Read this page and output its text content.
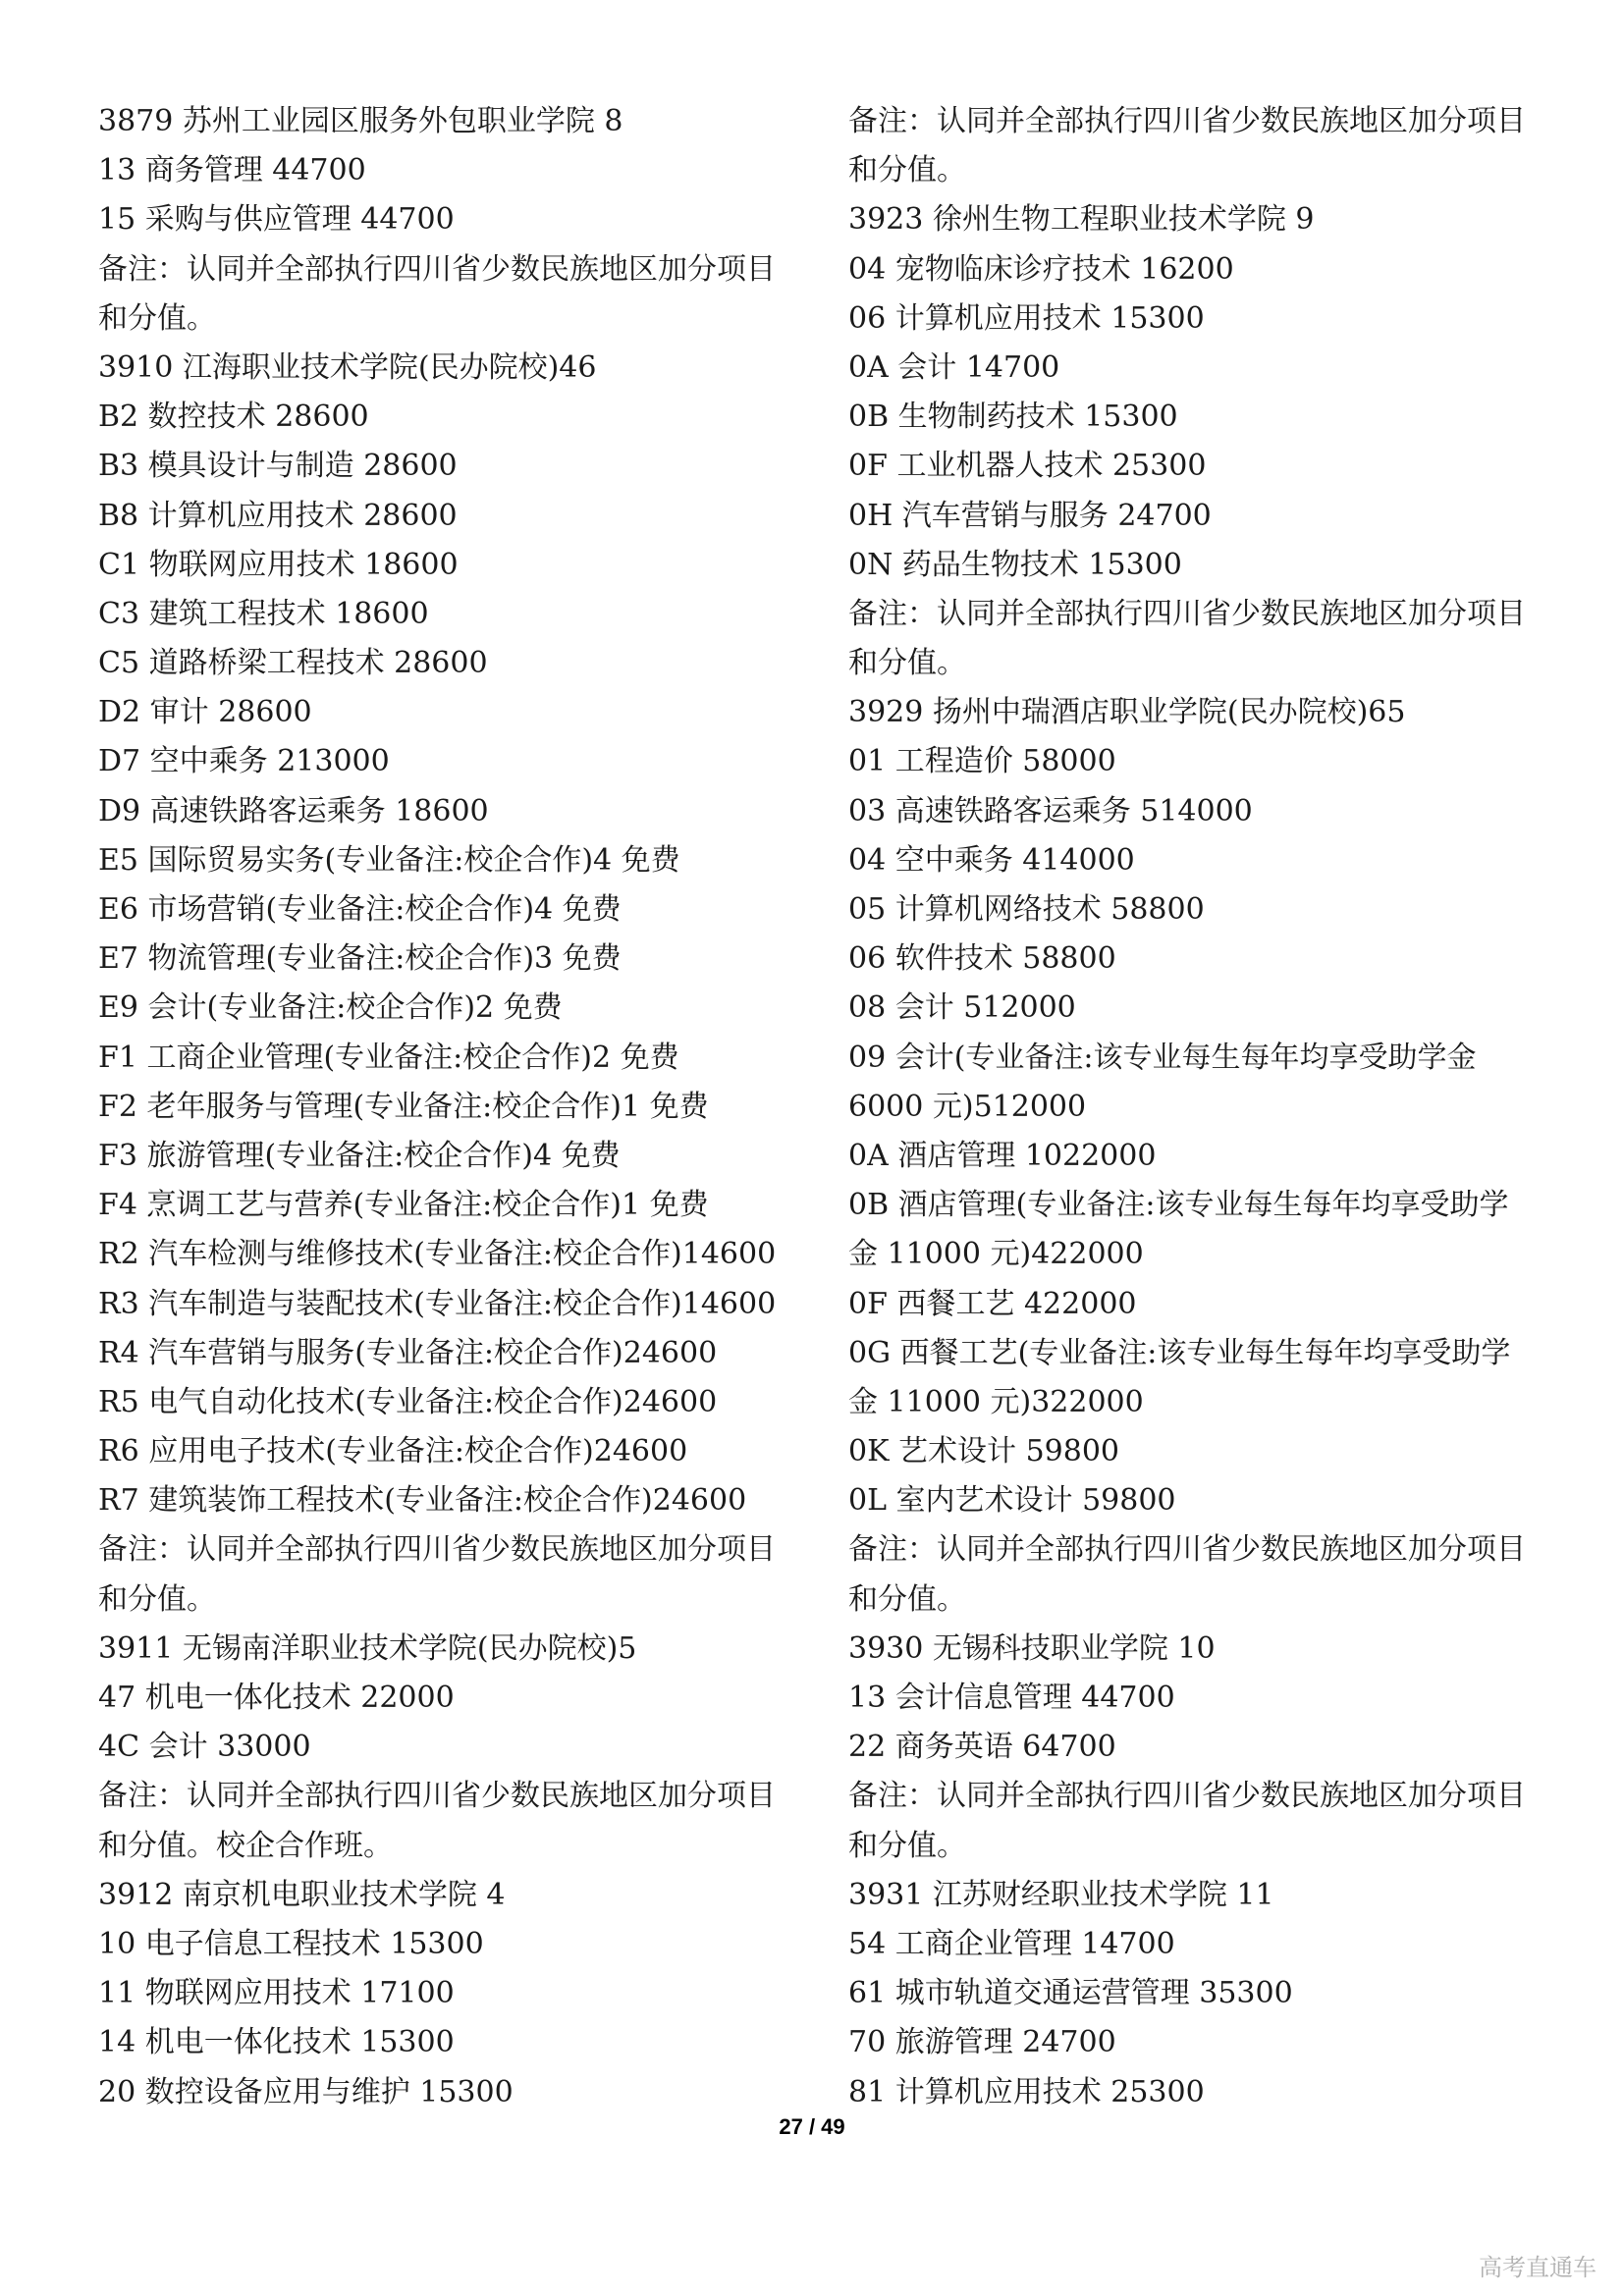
3879 苏州工业园区服务外包职业学院 8
13 商务管理 44700
15 采购与供应管理 44700
备注：认同并全部执行四川省少数民族地区加分项目
和分值。
3910 江海职业技术学院(民办院校)46
B2 数控技术 28600
B3 模具设计与制造 28600
B8 计算机应用技术 28600
C1 物联网应用技术 18600
C3 建筑工程技术 18600
C5 道路桥梁工程技术 28600
D2 审计 28600
D7 空中乘务 213000
D9 高速铁路客运乘务 18600
E5 国际贸易实务(专业备注:校企合作)4 免费
E6 市场营销(专业备注:校企合作)4 免费
E7 物流管理(专业备注:校企合作)3 免费
E9 会计(专业备注:校企合作)2 免费
F1 工商企业管理(专业备注:校企合作)2 免费
F2 老年服务与管理(专业备注:校企合作)1 免费
F3 旅游管理(专业备注:校企合作)4 免费
F4 烹调工艺与营养(专业备注:校企合作)1 免费
R2 汽车检测与维修技术(专业备注:校企合作)14600
R3 汽车制造与装配技术(专业备注:校企合作)14600
R4 汽车营销与服务(专业备注:校企合作)24600
R5 电气自动化技术(专业备注:校企合作)24600
R6 应用电子技术(专业备注:校企合作)24600
R7 建筑装饰工程技术(专业备注:校企合作)24600
备注：认同并全部执行四川省少数民族地区加分项目
和分值。
3911 无锡南洋职业技术学院(民办院校)5
47 机电一体化技术 22000
4C 会计 33000
备注：认同并全部执行四川省少数民族地区加分项目
和分值。校企合作班。
3912 南京机电职业技术学院 4
10 电子信息工程技术 15300
11 物联网应用技术 17100
14 机电一体化技术 15300
20 数控设备应用与维护 15300
备注：认同并全部执行四川省少数民族地区加分项目
和分值。
3923 徐州生物工程职业技术学院 9
04 宠物临床诊疗技术 16200
06 计算机应用技术 15300
0A 会计 14700
0B 生物制药技术 15300
0F 工业机器人技术 25300
0H 汽车营销与服务 24700
0N 药品生物技术 15300
备注：认同并全部执行四川省少数民族地区加分项目
和分值。
3929 扬州中瑞酒店职业学院(民办院校)65
01 工程造价 58000
03 高速铁路客运乘务 514000
04 空中乘务 414000
05 计算机网络技术 58800
06 软件技术 58800
08 会计 512000
09 会计(专业备注:该专业每生每年均享受助学金
6000 元)512000
0A 酒店管理 1022000
0B 酒店管理(专业备注:该专业每生每年均享受助学
金 11000 元)422000
0F 西餐工艺 422000
0G 西餐工艺(专业备注:该专业每生每年均享受助学
金 11000 元)322000
0K 艺术设计 59800
0L 室内艺术设计 59800
备注：认同并全部执行四川省少数民族地区加分项目
和分值。
3930 无锡科技职业学院 10
13 会计信息管理 44700
22 商务英语 64700
备注：认同并全部执行四川省少数民族地区加分项目
和分值。
3931 江苏财经职业技术学院 11
54 工商企业管理 14700
61 城市轨道交通运营管理 35300
70 旅游管理 24700
81 计算机应用技术 25300
27 / 49
高考直通车
